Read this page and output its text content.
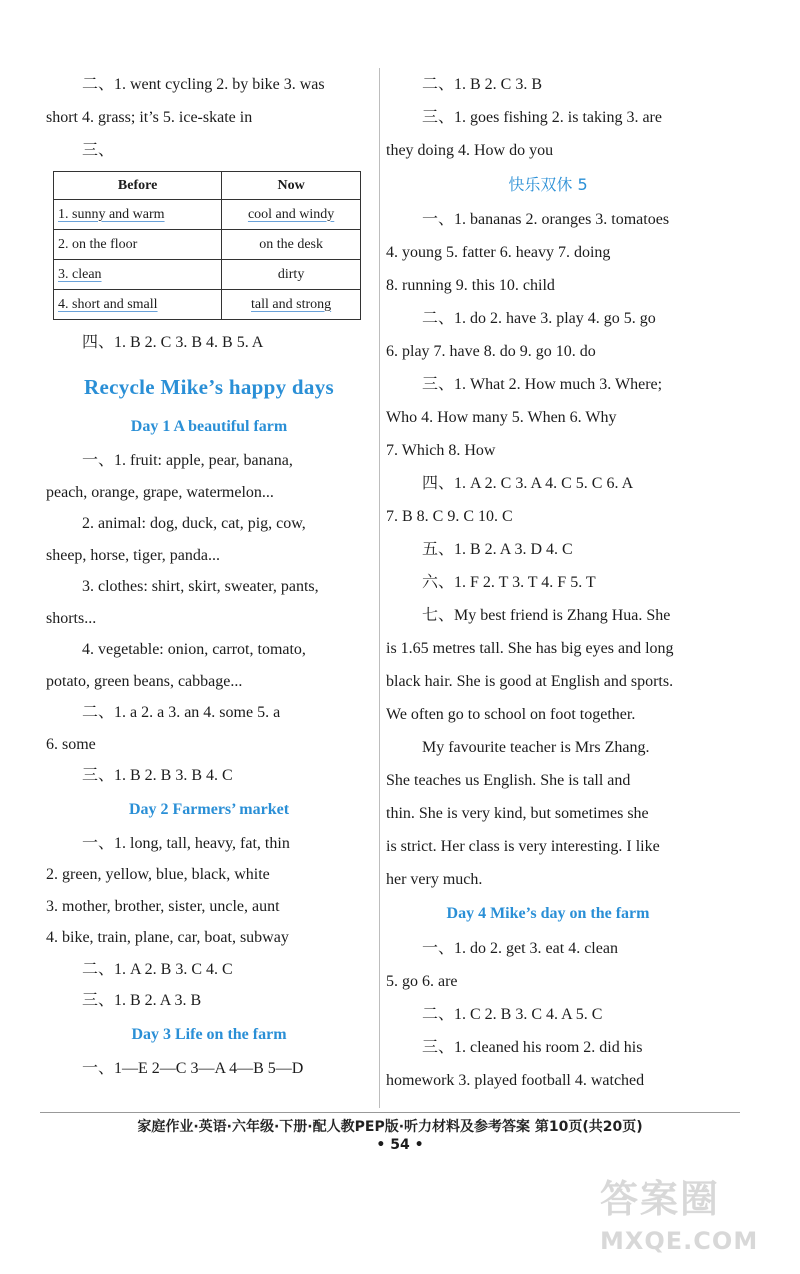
二、1. went cycling 2. by bike 3. was
short 4. grass; it’s 5. ice-skate in
三、
Before	Now
1. sunny and warm	cool and windy
2. on the floor	on the desk
3. clean	dirty
4. short and small	tall and strong
四、1. B 2. C 3. B 4. B 5. A
Recycle Mike’s happy days
Day 1 A beautiful farm
一、1. fruit: apple, pear, banana,
peach, orange, grape, watermelon...
2. animal: dog, duck, cat, pig, cow,
sheep, horse, tiger, panda...
3. clothes: shirt, skirt, sweater, pants,
shorts...
4. vegetable: onion, carrot, tomato,
potato, green beans, cabbage...
二、1. a 2. a 3. an 4. some 5. a
6. some
三、1. B 2. B 3. B 4. C
Day 2 Farmers’ market
一、1. long, tall, heavy, fat, thin
2. green, yellow, blue, black, white
3. mother, brother, sister, uncle, aunt
4. bike, train, plane, car, boat, subway
二、1. A 2. B 3. C 4. C
三、1. B 2. A 3. B
Day 3 Life on the farm
一、1—E 2—C 3—A 4—B 5—D
二、1. B 2. C 3. B
三、1. goes fishing 2. is taking 3. are
they doing 4. How do you
快乐双休 5
一、1. bananas 2. oranges 3. tomatoes
4. young 5. fatter 6. heavy 7. doing
8. running 9. this 10. child
二、1. do 2. have 3. play 4. go 5. go
6. play 7. have 8. do 9. go 10. do
三、1. What 2. How much 3. Where;
Who 4. How many 5. When 6. Why
7. Which 8. How
四、1. A 2. C 3. A 4. C 5. C 6. A
7. B 8. C 9. C 10. C
五、1. B 2. A 3. D 4. C
六、1. F 2. T 3. T 4. F 5. T
七、My best friend is Zhang Hua. She
is 1.65 metres tall. She has big eyes and long
black hair. She is good at English and sports.
We often go to school on foot together.
My favourite teacher is Mrs Zhang.
She teaches us English. She is tall and
thin. She is very kind, but sometimes she
is strict. Her class is very interesting. I like
her very much.
Day 4 Mike’s day on the farm
一、1. do 2. get 3. eat 4. clean
5. go 6. are
二、1. C 2. B 3. C 4. A 5. C
三、1. cleaned his room 2. did his
homework 3. played football 4. watched
家庭作业·英语·六年级·下册·配人教PEP版·听力材料及参考答案 第10页(共20页)
• 54 •
答案圈
MXQE.COM
